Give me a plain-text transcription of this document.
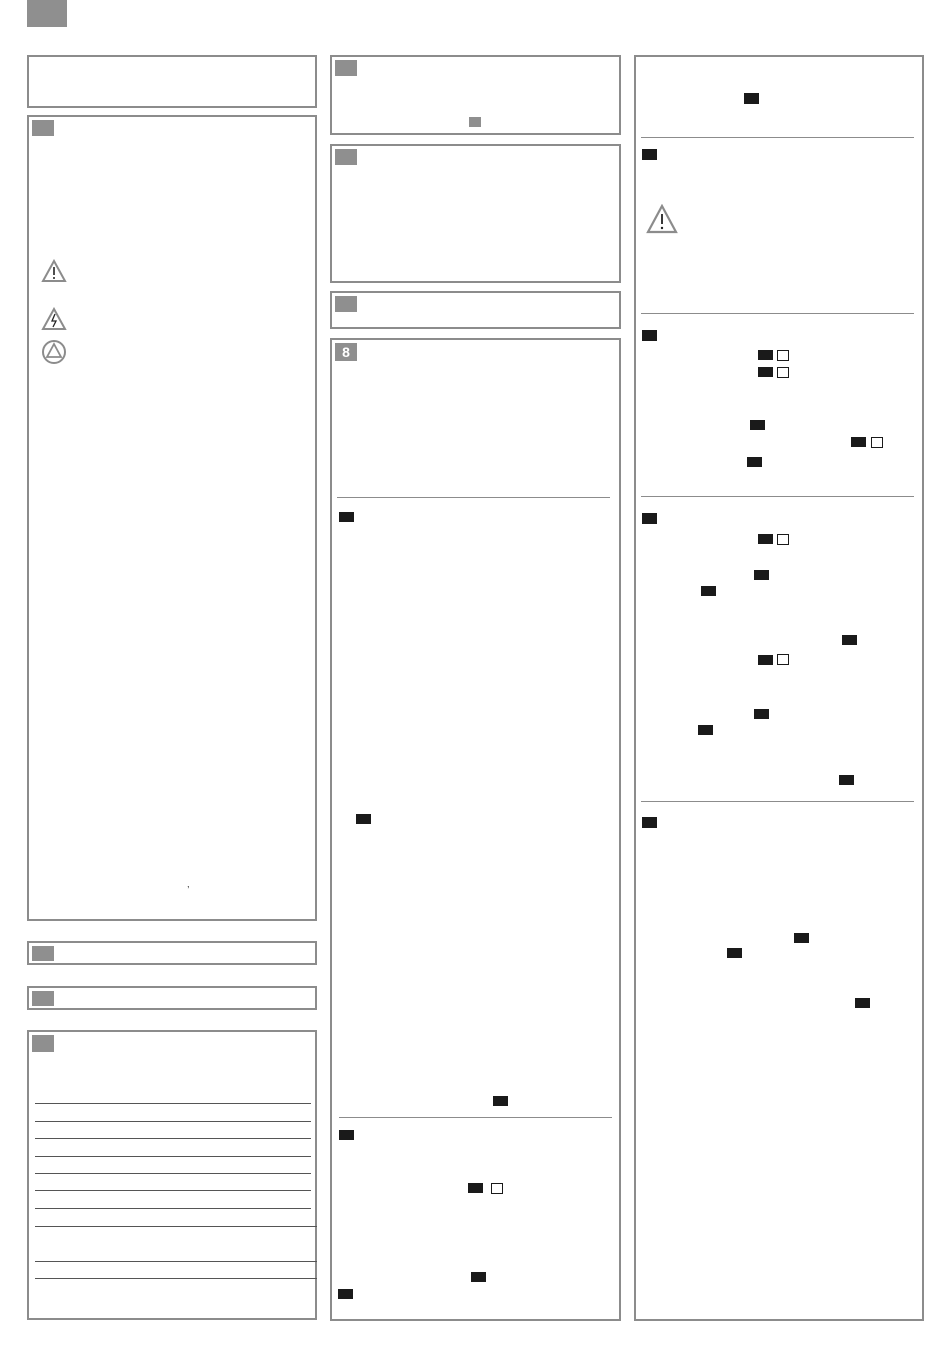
,
8
